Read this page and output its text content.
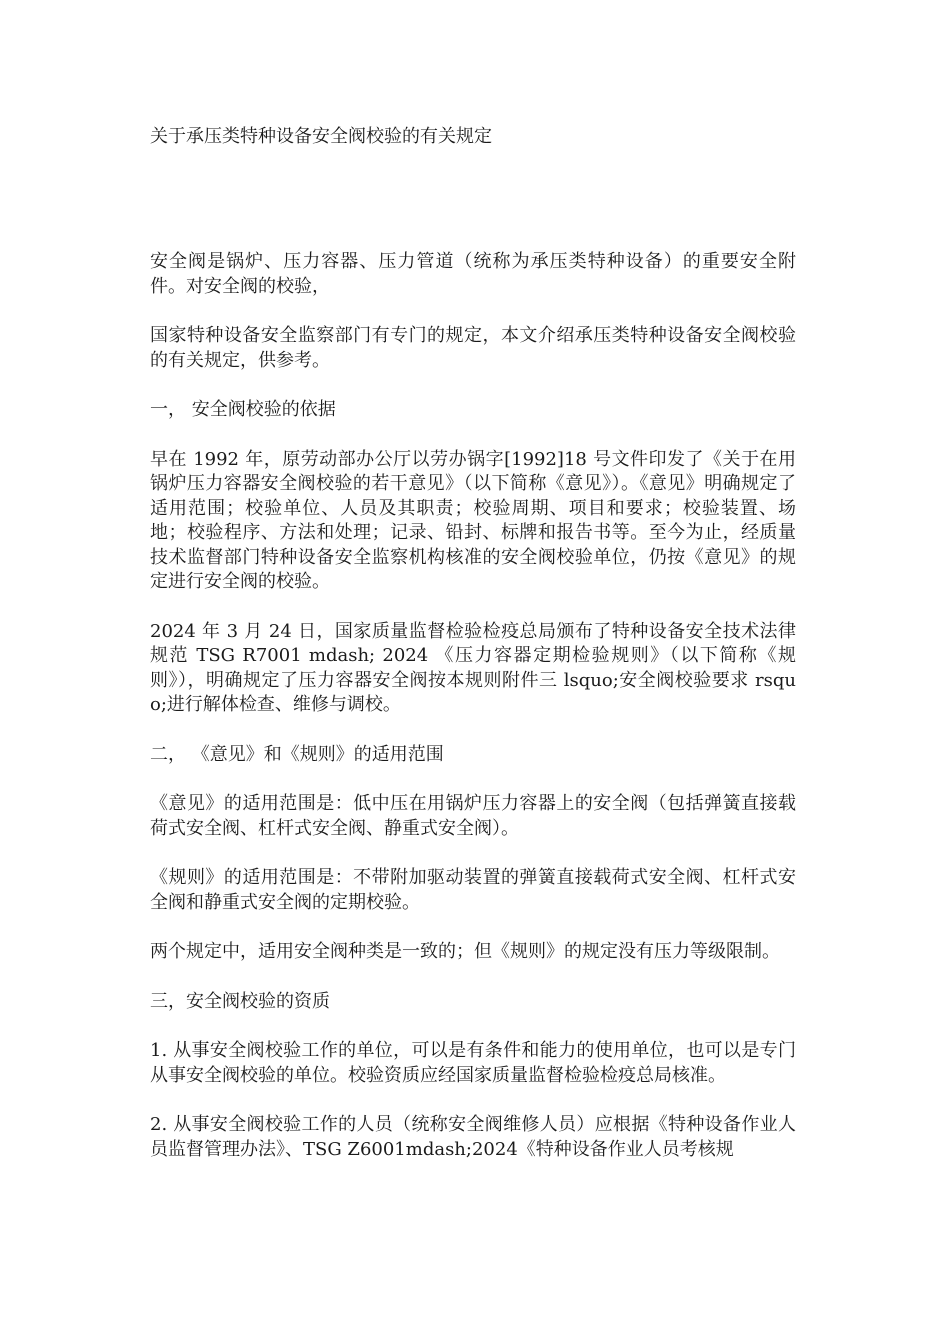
关于承压类特种设备安全阀校验的有关规定

安全阀是锅炉、压力容器、压力管道（统称为承压类特种设备）的重要安全附件。对安全阀的校验，

国家特种设备安全监察部门有专门的规定，本文介绍承压类特种设备安全阀校验的有关规定，供参考。

一， 安全阀校验的依据

早在 1992 年，原劳动部办公厅以劳办锅字[1992]18 号文件印发了《关于在用锅炉压力容器安全阀校验的若干意见》（以下简称《意见》）。《意见》明确规定了适用范围；校验单位、人员及其职责；校验周期、项目和要求；校验装置、场地；校验程序、方法和处理；记录、铅封、标牌和报告书等。至今为止，经质量技术监督部门特种设备安全监察机构核准的安全阀校验单位，仍按《意见》的规定进行安全阀的校验。

2024 年 3 月 24 日，国家质量监督检验检疫总局颁布了特种设备安全技术法律规范 TSG R7001 mdash; 2024 《压力容器定期检验规则》（以下简称《规则》），明确规定了压力容器安全阀按本规则附件三 lsquo;安全阀校验要求 rsquo;进行解体检查、维修与调校。

二， 《意见》和《规则》的适用范围

《意见》的适用范围是：低中压在用锅炉压力容器上的安全阀（包括弹簧直接载荷式安全阀、杠杆式安全阀、静重式安全阀）。

《规则》的适用范围是：不带附加驱动装置的弹簧直接载荷式安全阀、杠杆式安全阀和静重式安全阀的定期校验。

两个规定中，适用安全阀种类是一致的；但《规则》的规定没有压力等级限制。

三，安全阀校验的资质

1. 从事安全阀校验工作的单位，可以是有条件和能力的使用单位，也可以是专门从事安全阀校验的单位。校验资质应经国家质量监督检验检疫总局核准。

2. 从事安全阀校验工作的人员（统称安全阀维修人员）应根据《特种设备作业人员监督管理办法》、TSG Z6001mdash;2024《特种设备作业人员考核规
